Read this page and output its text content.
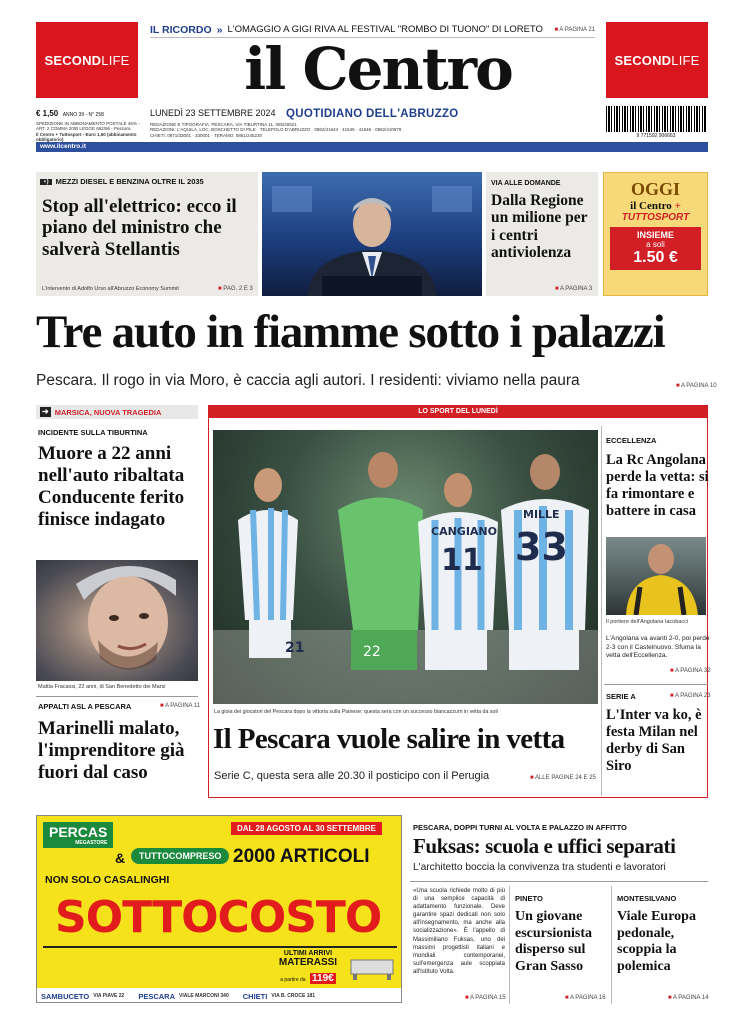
SECOND LIFE	SECOND LIFE
IL RICORDO » L'OMAGGIO A GIGI RIVA AL FESTIVAL "ROMBO DI TUONO" DI LORETO	■ A PAGINA 21
il Centro
QUOTIDIANO DELL'ABRUZZO
LUNEDÌ 23 SETTEMBRE 2024
€ 1,50 ANNO 39 - N° 258
SPEDIZIONE IN ABBONAMENTO POSTALE 45% - ART. 2 COMMA 20/B LEGGE 662/96 - Pescara
Il Centro + Tuttosport - Euro 1,50 (abbinamento obbligatorio)
REDAZIONE E TIPOGRAFIA: PESCARA, VIA TIBURTINA 11, 085/20521
REDAZIONI: L'AQUILA, LOC. BOSCHETTO DI PILE · TELEPOLO D'ABRUZZO · 0862/41644 · 41645 · 41646 · 0862/410979
CHIETI: 0871/33001 · 330001 · TERAMO: 0861/245230	9 771592 906663
www.ilcentro.it
◖) MEZZI DIESEL E BENZINA OLTRE IL 2035
Stop all'elettrico: ecco il piano del ministro che salverà Stellantis
L'intervento di Adolfo Urso all'Abruzzo Economy Summit	■ PAG. 2 E 3
VIA ALLE DOMANDE
Dalla Regione un milione per i centri antiviolenza
■ A PAGINA 3
OGGI
il Centro +
TUTTOSPORT
INSIEME
a soli
1.50 €
Tre auto in fiamme sotto i palazzi
Pescara. Il rogo in via Moro, è caccia agli autori. I residenti: viviamo nella paura	■ A PAGINA 10
➜ MARSICA, NUOVA TRAGEDIA
INCIDENTE SULLA TIBURTINA
Muore a 22 anni nell'auto ribaltata Conducente ferito finisce indagato
Mattia Fracassi, 22 anni, di San Benedetto dei Marsi
APPALTI ASL A PESCARA	■ A PAGINA 11
Marinelli malato, l'imprenditore già fuori dal caso
LO SPORT DEL LUNEDÌ
22
CANGIANO
11
MILLE
33
21
La gioia dei giocatori del Pescara dopo la vittoria sulla Pianese: questa sera con un successo biancazzurri in vetta da soli
Il Pescara vuole salire in vetta
Serie C, questa sera alle 20.30 il posticipo con il Perugia	■ ALLE PAGINE 24 E 25
ECCELLENZA
La Rc Angolana perde la vetta: si fa rimontare e battere in casa
Il portiere dell'Angolana Iacobacci
L'Angolana va avanti 2-0, poi perde 2-3 con il Castelnuovo. Sfuma la vetta dell'Eccellenza.
■ A PAGINA 32
SERIE A	■ A PAGINA 23
L'Inter va ko, è festa Milan nel derby di San Siro
PERCAS
MEGASTORE
&	TUTTOCOMPRESO
DAL 28 AGOSTO AL 30 SETTEMBRE
2000 ARTICOLI
NON SOLO CASALINGHI
SOTTOCOSTO
ULTIMI ARRIVI
MATERASSI
a partire da 119€
SAMBUCETO VIA PIAVE 22 PESCARA VIALE MARCONI 340 CHIETI VIA B. CROCE 181
PESCARA, DOPPI TURNI AL VOLTA E PALAZZO IN AFFITTO
Fuksas: scuola e uffici separati
L'architetto boccia la convivenza tra studenti e lavoratori
«Una scuola richiede molto di più di una semplice capacità di adattamento funzionale. Deve garantire spazi dedicati non solo all'insegnamento, ma anche alla socializzazione». È l'appello di Massimiliano Fuksas, uno dei massimi progettisti italiani e mondiali contemporanei, sull'emergenza aule scoppiata all'Istituto Volta.
■ A PAGINA 15
PINETO
Un giovane escursionista disperso sul Gran Sasso
■ A PAGINA 16
MONTESILVANO
Viale Europa pedonale, scoppia la polemica
■ A PAGINA 14
